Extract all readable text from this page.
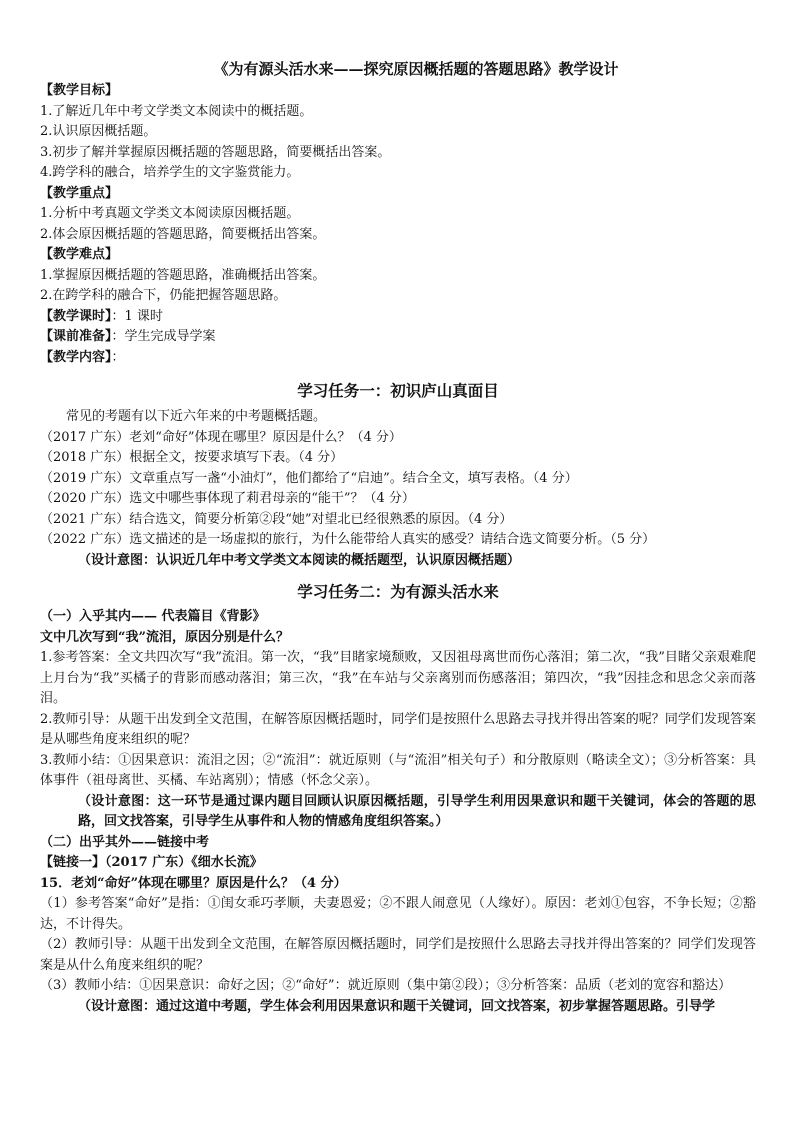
《为有源头活水来——探究原因概括题的答题思路》教学设计
【教学目标】
1.了解近几年中考文学类文本阅读中的概括题。
2.认识原因概括题。
3.初步了解并掌握原因概括题的答题思路，简要概括出答案。
4.跨学科的融合，培养学生的文字鉴赏能力。
【教学重点】
1.分析中考真题文学类文本阅读原因概括题。
2.体会原因概括题的答题思路，简要概括出答案。
【教学难点】
1.掌握原因概括题的答题思路，准确概括出答案。
2.在跨学科的融合下，仍能把握答题思路。
【教学课时】：1 课时
【课前准备】：学生完成导学案
【教学内容】：
学习任务一：初识庐山真面目
常见的考题有以下近六年来的中考题概括题。
（2017 广东）老刘“命好”体现在哪里？原因是什么？（4 分）
（2018 广东）根据全文，按要求填写下表。（4 分）
（2019 广东）文章重点写一盏“小油灯”，他们都给了“启迪”。结合全文，填写表格。（4 分）
（2020 广东）选文中哪些事体现了莉君母亲的“能干”？（4 分）
（2021 广东）结合选文，简要分析第②段“她”对望北已经很熟悉的原因。（4 分）
（2022 广东）选文描述的是一场虚拟的旅行，为什么能带给人真实的感受？请结合选文简要分析。（5 分）
（设计意图：认识近几年中考文学类文本阅读的概括题型，认识原因概括题）
学习任务二：为有源头活水来
（一）入乎其内—— 代表篇目《背影》
文中几次写到“我”流泪，原因分别是什么？
1.参考答案：全文共四次写“我”流泪。第一次，“我”目睹家境颓败，又因祖母离世而伤心落泪；第二次，“我”目睹父亲艰难爬上月台为“我”买橘子的背影而感动落泪；第三次，“我”在车站与父亲离别而伤感落泪；第四次，“我”因挂念和思念父亲而落泪。
2.教师引导：从题干出发到全文范围，在解答原因概括题时，同学们是按照什么思路去寻找并得出答案的呢？同学们发现答案是从哪些角度来组织的呢？
3.教师小结：①因果意识：流泪之因；②“流泪”：就近原则（与“流泪”相关句子）和分散原则（略读全文）；③分析答案：具体事件（祖母离世、买橘、车站离别）；情感（怀念父亲）。
（设计意图：这一环节是通过课内题目回顾认识原因概括题，引导学生利用因果意识和题干关键词，体会的答题的思路，回文找答案，引导学生从事件和人物的情感角度组织答案。）
（二）出乎其外——链接中考
【链接一】（2017 广东）《细水长流》
15．老刘“命好”体现在哪里？原因是什么？（4 分）
（1）参考答案“命好”是指：①闺女乖巧孝顺，夫妻恩爱；②不跟人闹意见（人缘好）。原因：老刘①包容，不争长短；②豁达，不计得失。
（2）教师引导：从题干出发到全文范围，在解答原因概括题时，同学们是按照什么思路去寻找并得出答案的？同学们发现答案是从什么角度来组织的呢？
（3）教师小结：①因果意识：命好之因；②“命好”：就近原则（集中第②段）；③分析答案：品质（老刘的宽容和豁达）
（设计意图：通过这道中考题，学生体会利用因果意识和题干关键词，回文找答案，初步掌握答题思路。引导学
